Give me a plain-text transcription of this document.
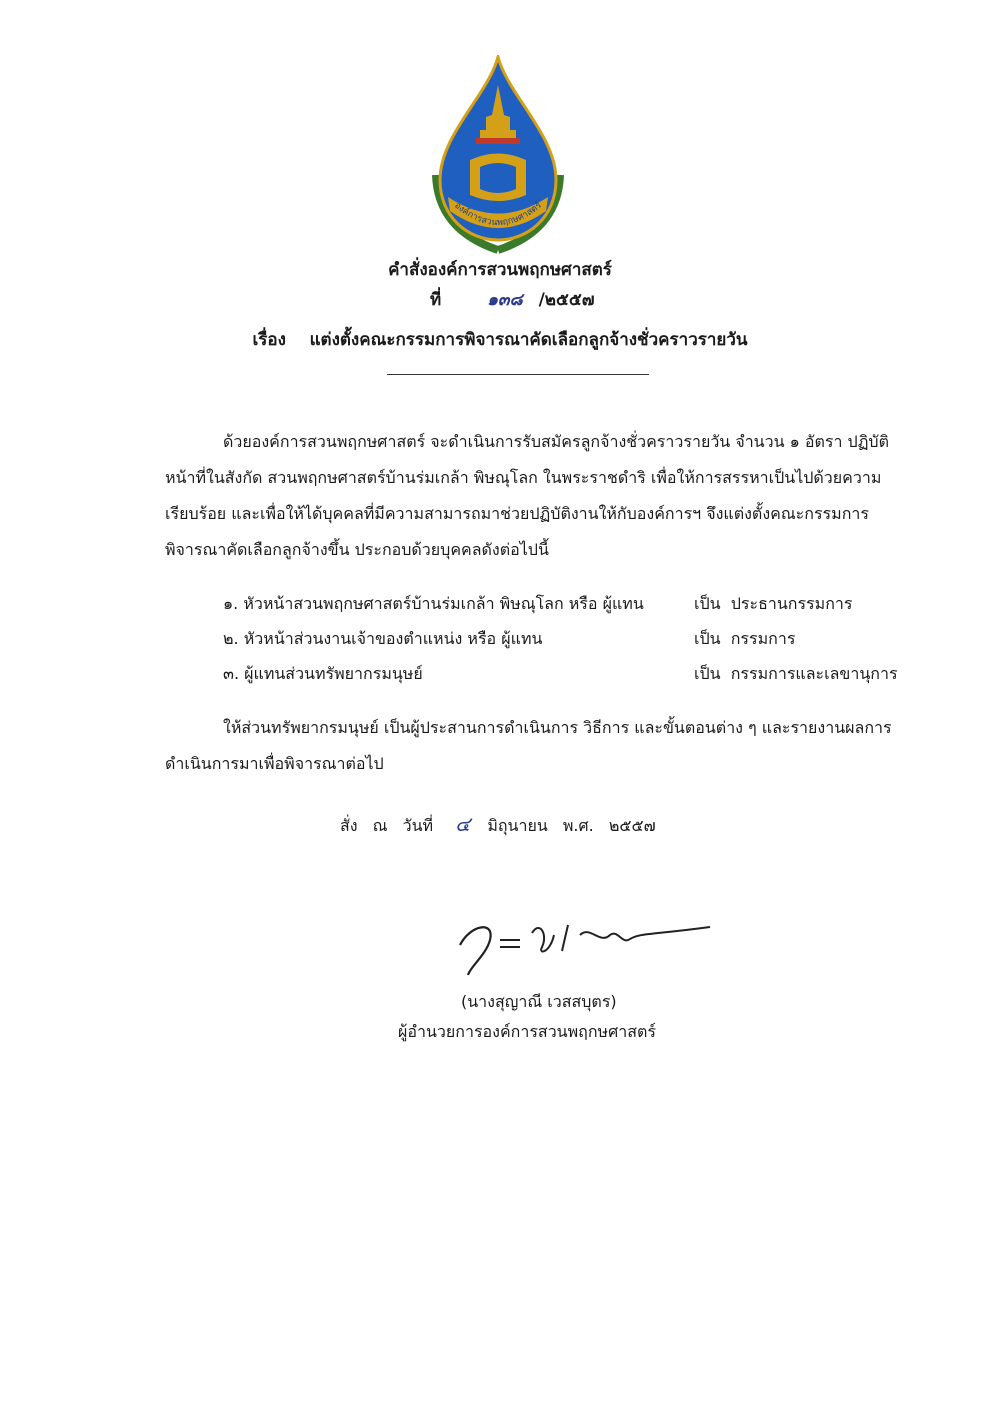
องค์การสวนพฤกษศาสตร์
คำสั่งองค์การสวนพฤกษศาสตร์
ที่	๑๓๘ /๒๕๕๗
เรื่อง แต่งตั้งคณะกรรมการพิจารณาคัดเลือกลูกจ้างชั่วคราวรายวัน
ด้วยองค์การสวนพฤกษศาสตร์ จะดำเนินการรับสมัครลูกจ้างชั่วคราวรายวัน จำนวน ๑ อัตรา ปฏิบัติ
หน้าที่ในสังกัด สวนพฤกษศาสตร์บ้านร่มเกล้า พิษณุโลก ในพระราชดำริ เพื่อให้การสรรหาเป็นไปด้วยความ
เรียบร้อย และเพื่อให้ได้บุคคลที่มีความสามารถมาช่วยปฏิบัติงานให้กับองค์การฯ จึงแต่งตั้งคณะกรรมการ
พิจารณาคัดเลือกลูกจ้างขึ้น ประกอบด้วยบุคคลดังต่อไปนี้
๑. หัวหน้าสวนพฤกษศาสตร์บ้านร่มเกล้า พิษณุโลก หรือ ผู้แทน	เป็น ประธานกรรมการ
๒. หัวหน้าส่วนงานเจ้าของตำแหน่ง หรือ ผู้แทน	เป็น กรรมการ
๓. ผู้แทนส่วนทรัพยากรมนุษย์	เป็น กรรมการและเลขานุการ
ให้ส่วนทรัพยากรมนุษย์ เป็นผู้ประสานการดำเนินการ วิธีการ และขั้นตอนต่าง ๆ และรายงานผลการ
ดำเนินการมาเพื่อพิจารณาต่อไป
สั่ง ณ วันที่ ๔ มิถุนายน พ.ศ. ๒๕๕๗
(นางสุญาณี เวสสบุตร)
ผู้อำนวยการองค์การสวนพฤกษศาสตร์
